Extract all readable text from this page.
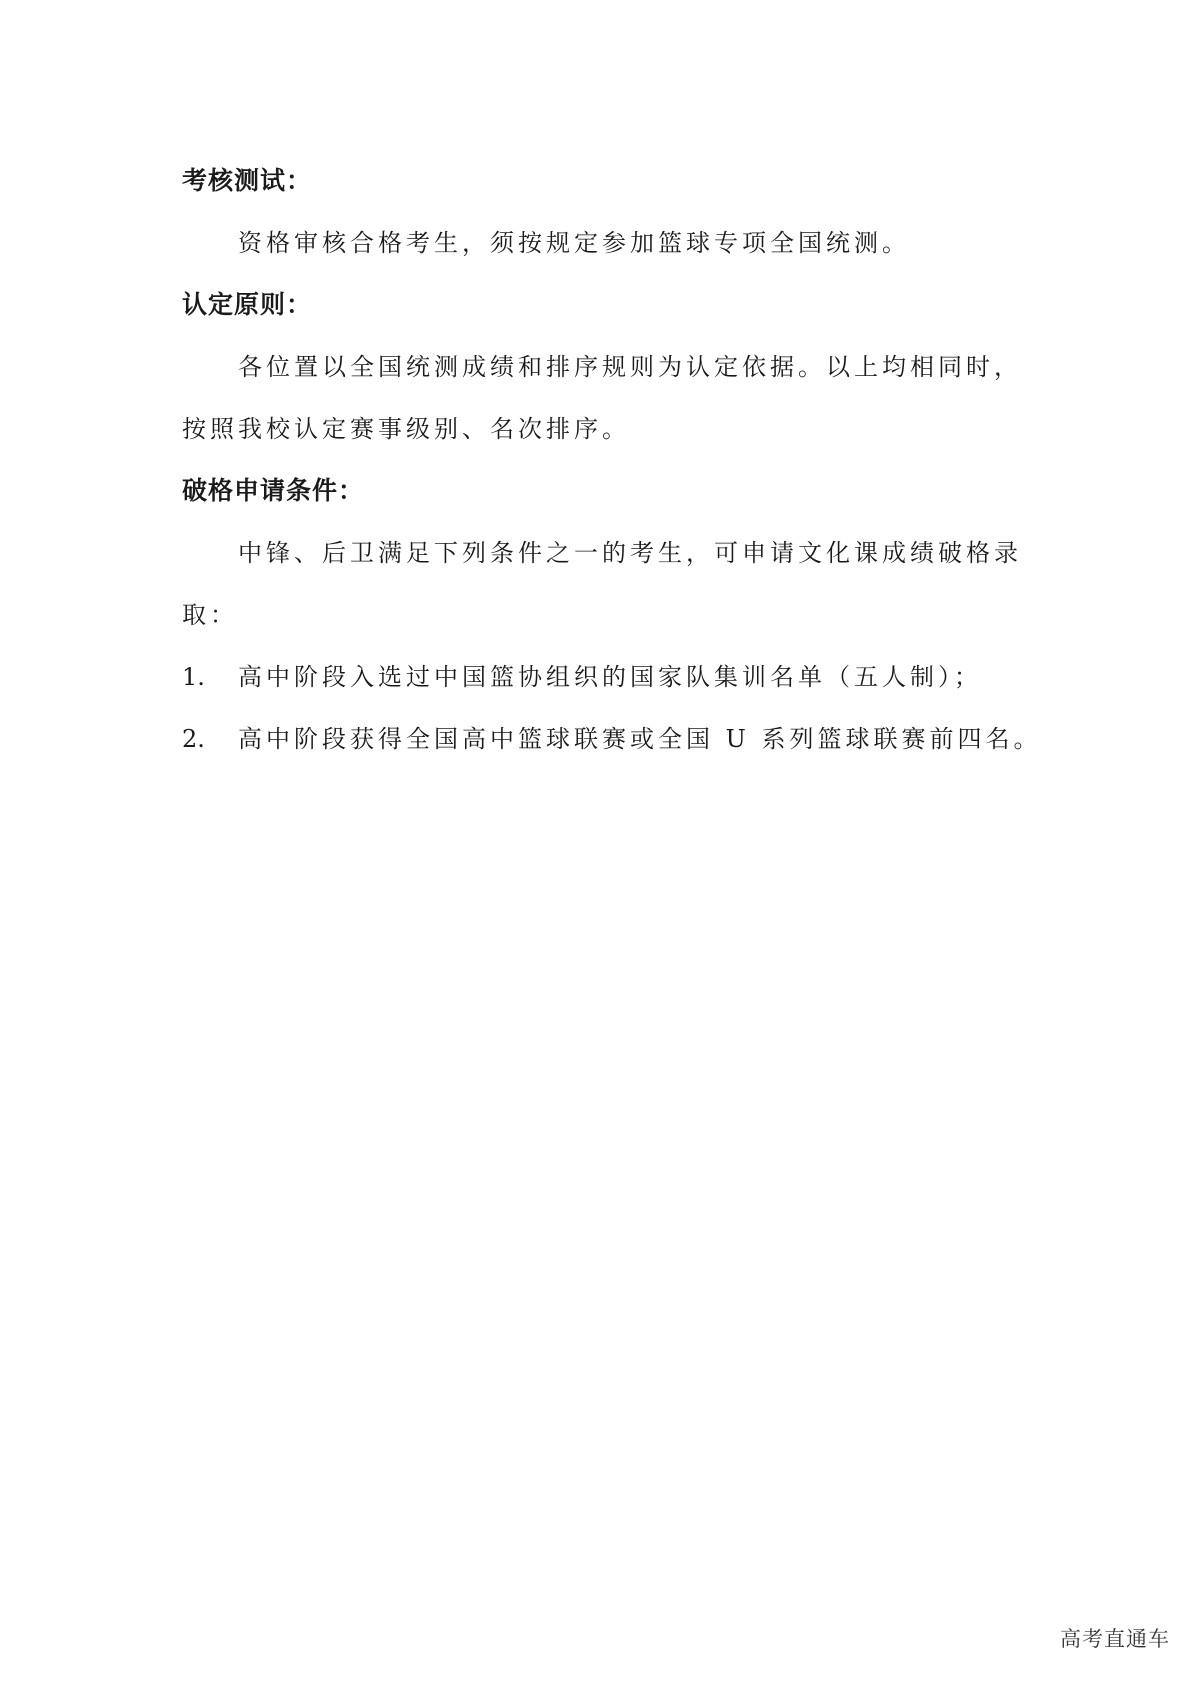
考核测试：

资格审核合格考生，须按规定参加篮球专项全国统测。

认定原则：

各位置以全国统测成绩和排序规则为认定依据。以上均相同时，按照我校认定赛事级别、名次排序。

破格申请条件：

中锋、后卫满足下列条件之一的考生，可申请文化课成绩破格录取：

1.	高中阶段入选过中国篮协组织的国家队集训名单（五人制）；
2.	高中阶段获得全国高中篮球联赛或全国 U 系列篮球联赛前四名。
高考直通车
